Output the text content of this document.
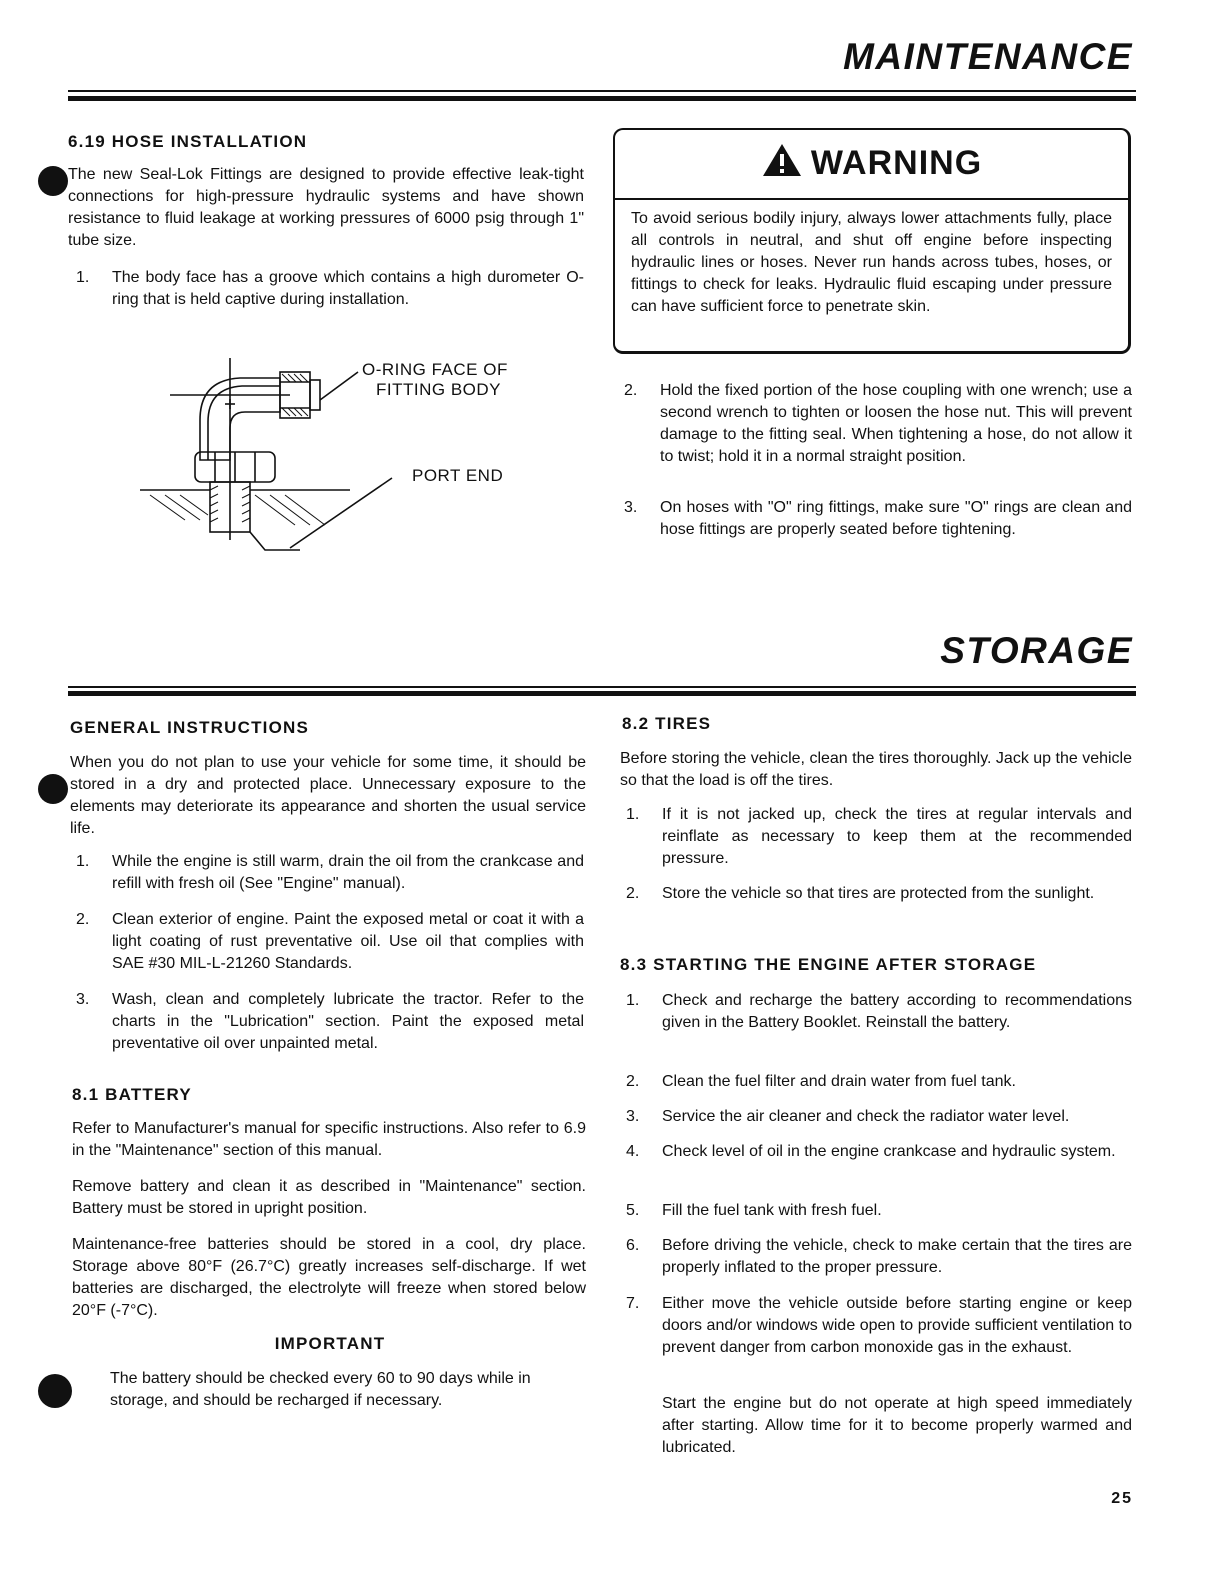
MAINTENANCE
6.19 HOSE INSTALLATION
The new Seal-Lok Fittings are designed to provide effective leak-tight connections for high-pressure hydraulic systems and have shown resistance to fluid leakage at working pressures of 6000 psig through 1" tube size.
1.	The body face has a groove which contains a high durometer O-ring that is held captive during installation.
O-RING FACE OF
FITTING BODY
PORT END
WARNING
To avoid serious bodily injury, always lower attachments fully, place all controls in neutral, and shut off engine before inspecting hydraulic lines or hoses. Never run hands across tubes, hoses, or fittings to check for leaks. Hydraulic fluid escaping under pressure can have sufficient force to penetrate skin.
2.	Hold the fixed portion of the hose coupling with one wrench; use a second wrench to tighten or loosen the hose nut. This will prevent damage to the fitting seal. When tightening a hose, do not allow it to twist; hold it in a normal straight position.
3.	On hoses with "O" ring fittings, make sure "O" rings are clean and hose fittings are properly seated before tightening.
STORAGE
GENERAL INSTRUCTIONS
When you do not plan to use your vehicle for some time, it should be stored in a dry and protected place. Unnecessary exposure to the elements may deteriorate its appearance and shorten the usual service life.
1.	While the engine is still warm, drain the oil from the crankcase and refill with fresh oil (See "Engine" manual).
2.	Clean exterior of engine. Paint the exposed metal or coat it with a light coating of rust preventative oil. Use oil that complies with SAE #30 MIL-L-21260 Standards.
3.	Wash, clean and completely lubricate the tractor. Refer to the charts in the "Lubrication" section. Paint the exposed metal preventative oil over unpainted metal.
8.1 BATTERY
Refer to Manufacturer's manual for specific instructions. Also refer to 6.9 in the "Maintenance" section of this manual.
Remove battery and clean it as described in "Maintenance" section. Battery must be stored in upright position.
Maintenance-free batteries should be stored in a cool, dry place. Storage above 80°F (26.7°C) greatly increases self-discharge. If wet batteries are discharged, the electrolyte will freeze when stored below 20°F (-7°C).
IMPORTANT
The battery should be checked every 60 to 90 days while in storage, and should be recharged if necessary.
8.2 TIRES
Before storing the vehicle, clean the tires thoroughly. Jack up the vehicle so that the load is off the tires.
1.	If it is not jacked up, check the tires at regular intervals and reinflate as necessary to keep them at the recommended pressure.
2.	Store the vehicle so that tires are protected from the sunlight.
8.3 STARTING THE ENGINE AFTER STORAGE
1.	Check and recharge the battery according to recommendations given in the Battery Booklet. Reinstall the battery.
2.	Clean the fuel filter and drain water from fuel tank.
3.	Service the air cleaner and check the radiator water level.
4.	Check level of oil in the engine crankcase and hydraulic system.
5.	Fill the fuel tank with fresh fuel.
6.	Before driving the vehicle, check to make certain that the tires are properly inflated to the proper pressure.
7.	Either move the vehicle outside before starting engine or keep doors and/or windows wide open to provide sufficient ventilation to prevent danger from carbon monoxide gas in the exhaust.
Start the engine but do not operate at high speed immediately after starting. Allow time for it to become properly warmed and lubricated.
25
